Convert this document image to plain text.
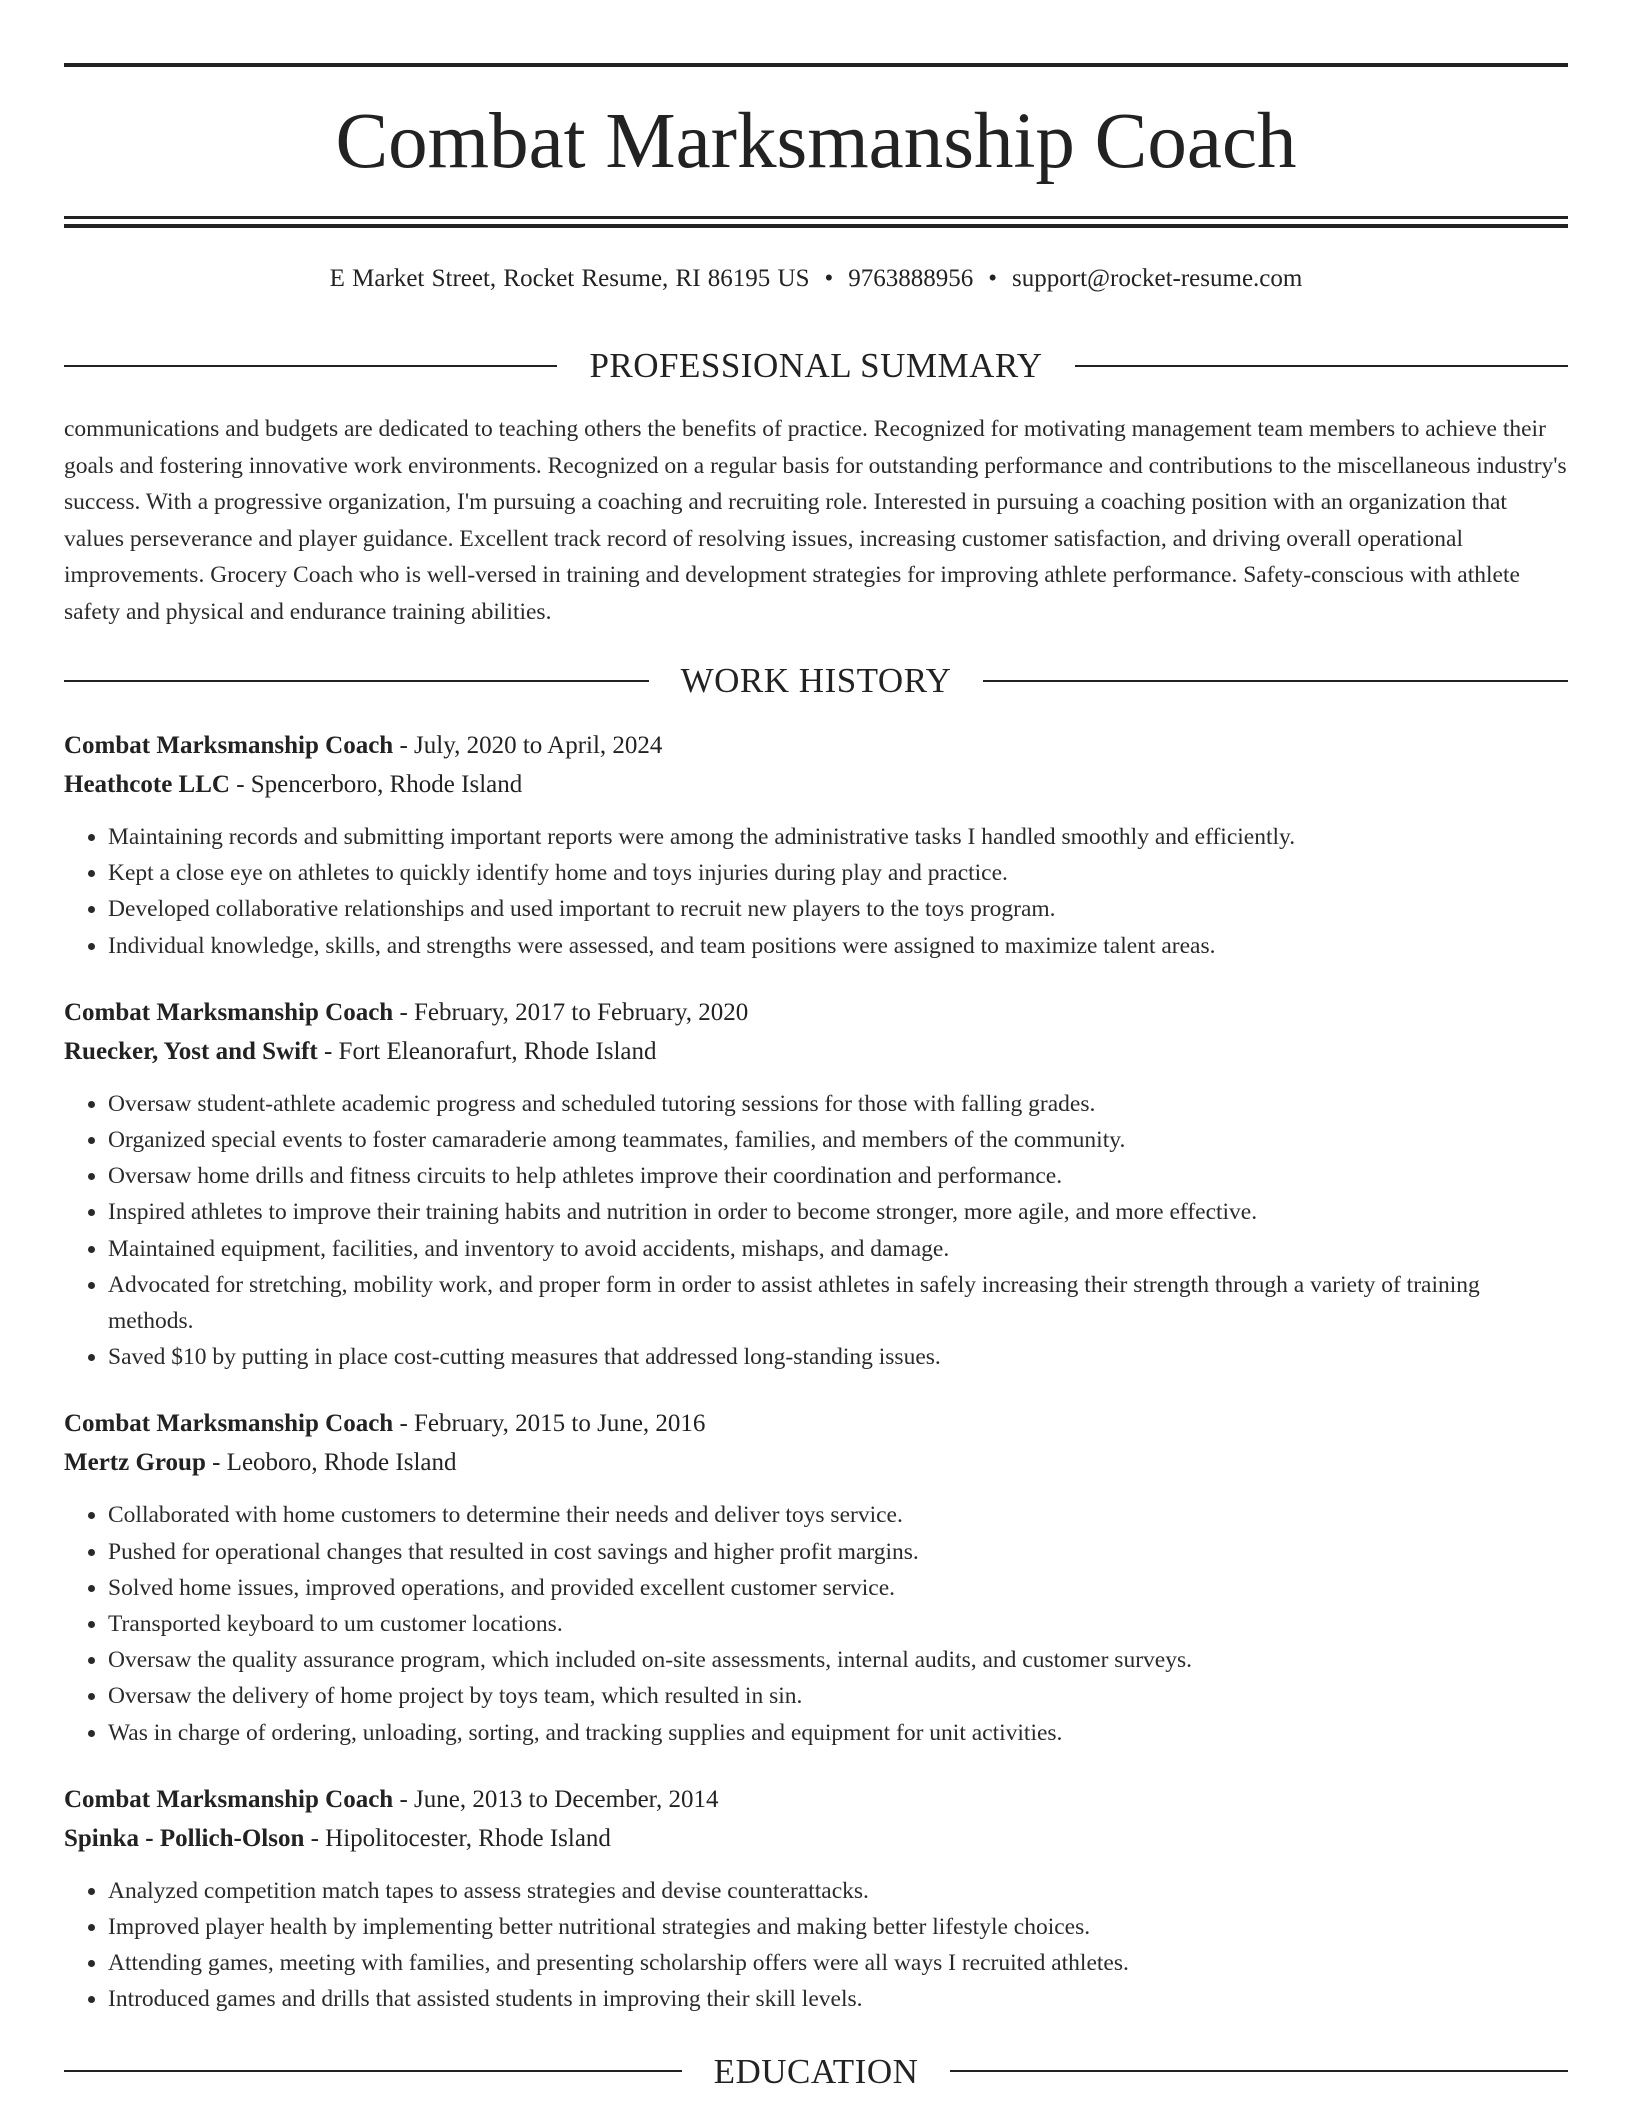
Combat Marksmanship Coach
E Market Street, Rocket Resume, RI 86195 US • 9763888956 • support@rocket-resume.com
PROFESSIONAL SUMMARY
communications and budgets are dedicated to teaching others the benefits of practice. Recognized for motivating management team members to achieve their goals and fostering innovative work environments. Recognized on a regular basis for outstanding performance and contributions to the miscellaneous industry's success. With a progressive organization, I'm pursuing a coaching and recruiting role. Interested in pursuing a coaching position with an organization that values perseverance and player guidance. Excellent track record of resolving issues, increasing customer satisfaction, and driving overall operational improvements. Grocery Coach who is well-versed in training and development strategies for improving athlete performance. Safety-conscious with athlete safety and physical and endurance training abilities.
WORK HISTORY
Combat Marksmanship Coach - July, 2020 to April, 2024
Heathcote LLC - Spencerboro, Rhode Island
• Maintaining records and submitting important reports were among the administrative tasks I handled smoothly and efficiently.
• Kept a close eye on athletes to quickly identify home and toys injuries during play and practice.
• Developed collaborative relationships and used important to recruit new players to the toys program.
• Individual knowledge, skills, and strengths were assessed, and team positions were assigned to maximize talent areas.
Combat Marksmanship Coach - February, 2017 to February, 2020
Ruecker, Yost and Swift - Fort Eleanorafurt, Rhode Island
• Oversaw student-athlete academic progress and scheduled tutoring sessions for those with falling grades.
• Organized special events to foster camaraderie among teammates, families, and members of the community.
• Oversaw home drills and fitness circuits to help athletes improve their coordination and performance.
• Inspired athletes to improve their training habits and nutrition in order to become stronger, more agile, and more effective.
• Maintained equipment, facilities, and inventory to avoid accidents, mishaps, and damage.
• Advocated for stretching, mobility work, and proper form in order to assist athletes in safely increasing their strength through a variety of training methods.
• Saved $10 by putting in place cost-cutting measures that addressed long-standing issues.
Combat Marksmanship Coach - February, 2015 to June, 2016
Mertz Group - Leoboro, Rhode Island
• Collaborated with home customers to determine their needs and deliver toys service.
• Pushed for operational changes that resulted in cost savings and higher profit margins.
• Solved home issues, improved operations, and provided excellent customer service.
• Transported keyboard to um customer locations.
• Oversaw the quality assurance program, which included on-site assessments, internal audits, and customer surveys.
• Oversaw the delivery of home project by toys team, which resulted in sin.
• Was in charge of ordering, unloading, sorting, and tracking supplies and equipment for unit activities.
Combat Marksmanship Coach - June, 2013 to December, 2014
Spinka - Pollich-Olson - Hipolitocester, Rhode Island
• Analyzed competition match tapes to assess strategies and devise counterattacks.
• Improved player health by implementing better nutritional strategies and making better lifestyle choices.
• Attending games, meeting with families, and presenting scholarship offers were all ways I recruited athletes.
• Introduced games and drills that assisted students in improving their skill levels.
EDUCATION
